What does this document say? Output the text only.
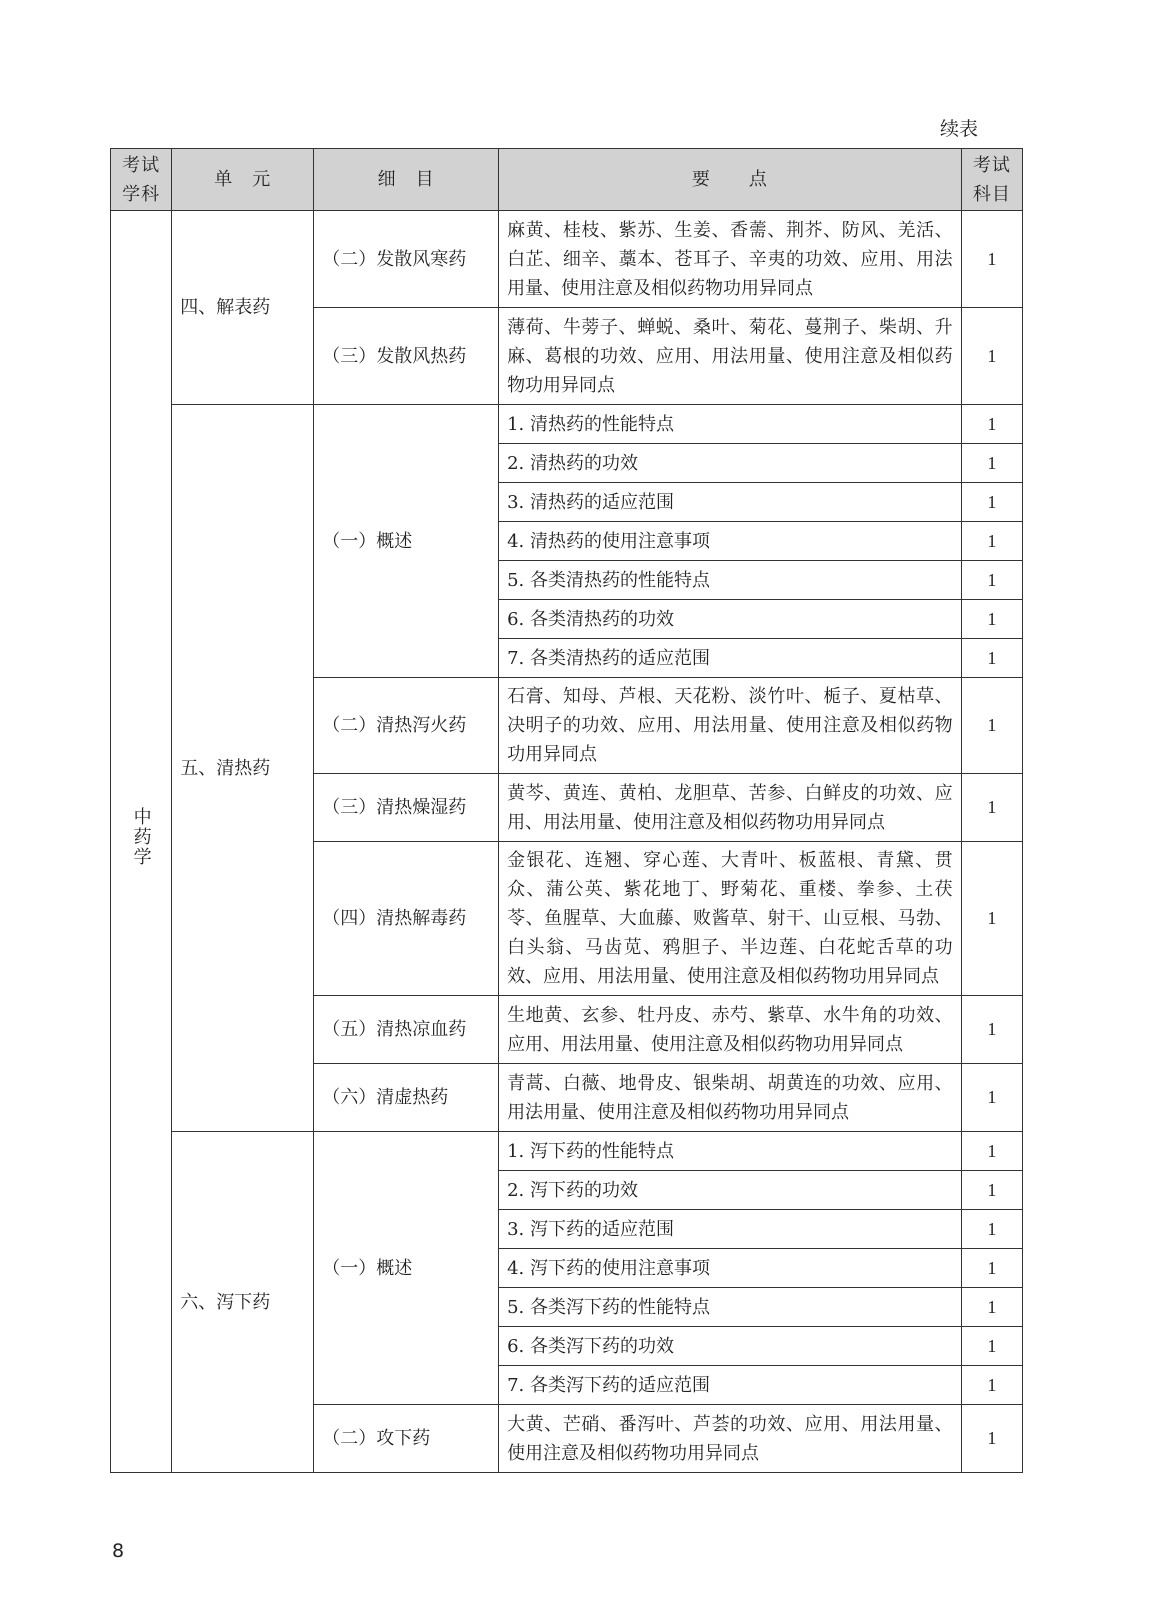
续表
考试学科	单　元	细　目	要　　点	考试科目
中药学	四、解表药	（二）发散风寒药	麻黄、桂枝、紫苏、生姜、香薷、荆芥、防风、羌活、白芷、细辛、藁本、苍耳子、辛夷的功效、应用、用法用量、使用注意及相似药物功用异同点	1
		（三）发散风热药	薄荷、牛蒡子、蝉蜕、桑叶、菊花、蔓荆子、柴胡、升麻、葛根的功效、应用、用法用量、使用注意及相似药物功用异同点	1
	五、清热药	（一）概述	1. 清热药的性能特点	1
			2. 清热药的功效	1
			3. 清热药的适应范围	1
			4. 清热药的使用注意事项	1
			5. 各类清热药的性能特点	1
			6. 各类清热药的功效	1
			7. 各类清热药的适应范围	1
		（二）清热泻火药	石膏、知母、芦根、天花粉、淡竹叶、栀子、夏枯草、决明子的功效、应用、用法用量、使用注意及相似药物功用异同点	1
		（三）清热燥湿药	黄芩、黄连、黄柏、龙胆草、苦参、白鲜皮的功效、应用、用法用量、使用注意及相似药物功用异同点	1
		（四）清热解毒药	金银花、连翘、穿心莲、大青叶、板蓝根、青黛、贯众、蒲公英、紫花地丁、野菊花、重楼、拳参、土茯苓、鱼腥草、大血藤、败酱草、射干、山豆根、马勃、白头翁、马齿苋、鸦胆子、半边莲、白花蛇舌草的功效、应用、用法用量、使用注意及相似药物功用异同点	1
		（五）清热凉血药	生地黄、玄参、牡丹皮、赤芍、紫草、水牛角的功效、应用、用法用量、使用注意及相似药物功用异同点	1
		（六）清虚热药	青蒿、白薇、地骨皮、银柴胡、胡黄连的功效、应用、用法用量、使用注意及相似药物功用异同点	1
	六、泻下药	（一）概述	1. 泻下药的性能特点	1
			2. 泻下药的功效	1
			3. 泻下药的适应范围	1
			4. 泻下药的使用注意事项	1
			5. 各类泻下药的性能特点	1
			6. 各类泻下药的功效	1
			7. 各类泻下药的适应范围	1
		（二）攻下药	大黄、芒硝、番泻叶、芦荟的功效、应用、用法用量、使用注意及相似药物功用异同点	1
8
